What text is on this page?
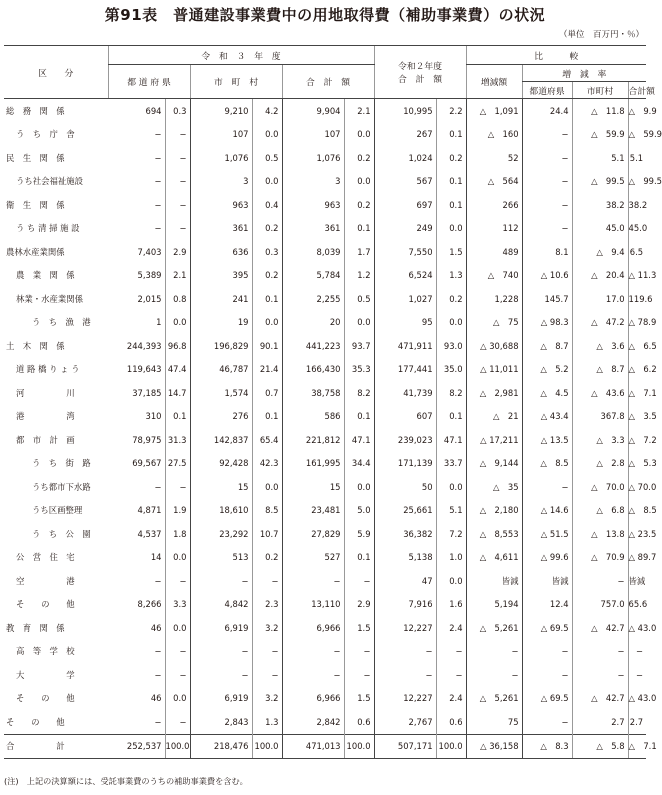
第91表　普通建設事業費中の用地取得費（補助事業費）の状況
（単位　百万円・％）
区　　分	令　和　３　年　度						令和２年度
合　計　額		比　　　較			
	都 道 府 県		市　町　村		合　計　額				増減額	増　減　率		
										都道府県	市町村	合計額
総　務　関　係	694	0.3	9,210	4.2	9,904	2.1	10,995	2.2	△　1,091	24.4	△　11.8	△　9.9
う　ち　庁　舎	−	−	107	0.0	107	0.0	267	0.1	△　160	−	△　59.9	△　59.9
民　生　関　係	−	−	1,076	0.5	1,076	0.2	1,024	0.2	52	−	5.1	5.1
うち社会福祉施設	−	−	3	0.0	3	0.0	567	0.1	△　564	−	△　99.5	△　99.5
衛　生　関　係	−	−	963	0.4	963	0.2	697	0.1	266	−	38.2	38.2
う ち 清 掃 施 設	−	−	361	0.2	361	0.1	249	0.0	112	−	45.0	45.0
農林水産業関係	7,403	2.9	636	0.3	8,039	1.7	7,550	1.5	489	8.1	△　9.4	6.5
農　業　関　係	5,389	2.1	395	0.2	5,784	1.2	6,524	1.3	△　740	△ 10.6	△　20.4	△ 11.3
林業・水産業関係	2,015	0.8	241	0.1	2,255	0.5	1,027	0.2	1,228	145.7	17.0	119.6
う　ち　漁　港	1	0.0	19	0.0	20	0.0	95	0.0	△　75	△ 98.3	△　47.2	△ 78.9
土　木　関　係	244,393	96.8	196,829	90.1	441,223	93.7	471,911	93.0	△ 30,688	△　8.7	△　3.6	△　6.5
道 路 橋 り ょ う	119,643	47.4	46,787	21.4	166,430	35.3	177,441	35.0	△ 11,011	△　5.2	△　8.7	△　6.2
河　　　　　川	37,185	14.7	1,574	0.7	38,758	8.2	41,739	8.2	△　2,981	△　4.5	△　43.6	△　7.1
港　　　　　湾	310	0.1	276	0.1	586	0.1	607	0.1	△　21	△ 43.4	367.8	△　3.5
都　市　計　画	78,975	31.3	142,837	65.4	221,812	47.1	239,023	47.1	△ 17,211	△ 13.5	△　3.3	△　7.2
う　ち　街　路	69,567	27.5	92,428	42.3	161,995	34.4	171,139	33.7	△　9,144	△　8.5	△　2.8	△　5.3
うち都市下水路	−	−	15	0.0	15	0.0	50	0.0	△　35	−	△　70.0	△ 70.0
うち区画整理	4,871	1.9	18,610	8.5	23,481	5.0	25,661	5.1	△　2,180	△ 14.6	△　6.8	△　8.5
う　ち　公　園	4,537	1.8	23,292	10.7	27,829	5.9	36,382	7.2	△　8,553	△ 51.5	△　13.8	△ 23.5
公　営　住　宅	14	0.0	513	0.2	527	0.1	5,138	1.0	△　4,611	△ 99.6	△　70.9	△ 89.7
空　　　　　港	−	−	−	−	−	−	47	0.0	皆減	皆減	−	皆減
そ　　の　　他	8,266	3.3	4,842	2.3	13,110	2.9	7,916	1.6	5,194	12.4	757.0	65.6
教　育　関　係	46	0.0	6,919	3.2	6,966	1.5	12,227	2.4	△　5,261	△ 69.5	△　42.7	△ 43.0
高　等　学　校	−	−	−	−	−	−	−	−	−	−	−	−
大　　　　　学	−	−	−	−	−	−	−	−	−	−	−	−
そ　　の　　他	46	0.0	6,919	3.2	6,966	1.5	12,227	2.4	△　5,261	△ 69.5	△　42.7	△ 43.0
そ　　の　　他	−	−	2,843	1.3	2,842	0.6	2,767	0.6	75	−	2.7	2.7
合　　　　　計	252,537	100.0	218,476	100.0	471,013	100.0	507,171	100.0	△ 36,158	△　8.3	△　5.8	△　7.1
(注)　上記の決算額には、受託事業費のうちの補助事業費を含む。
